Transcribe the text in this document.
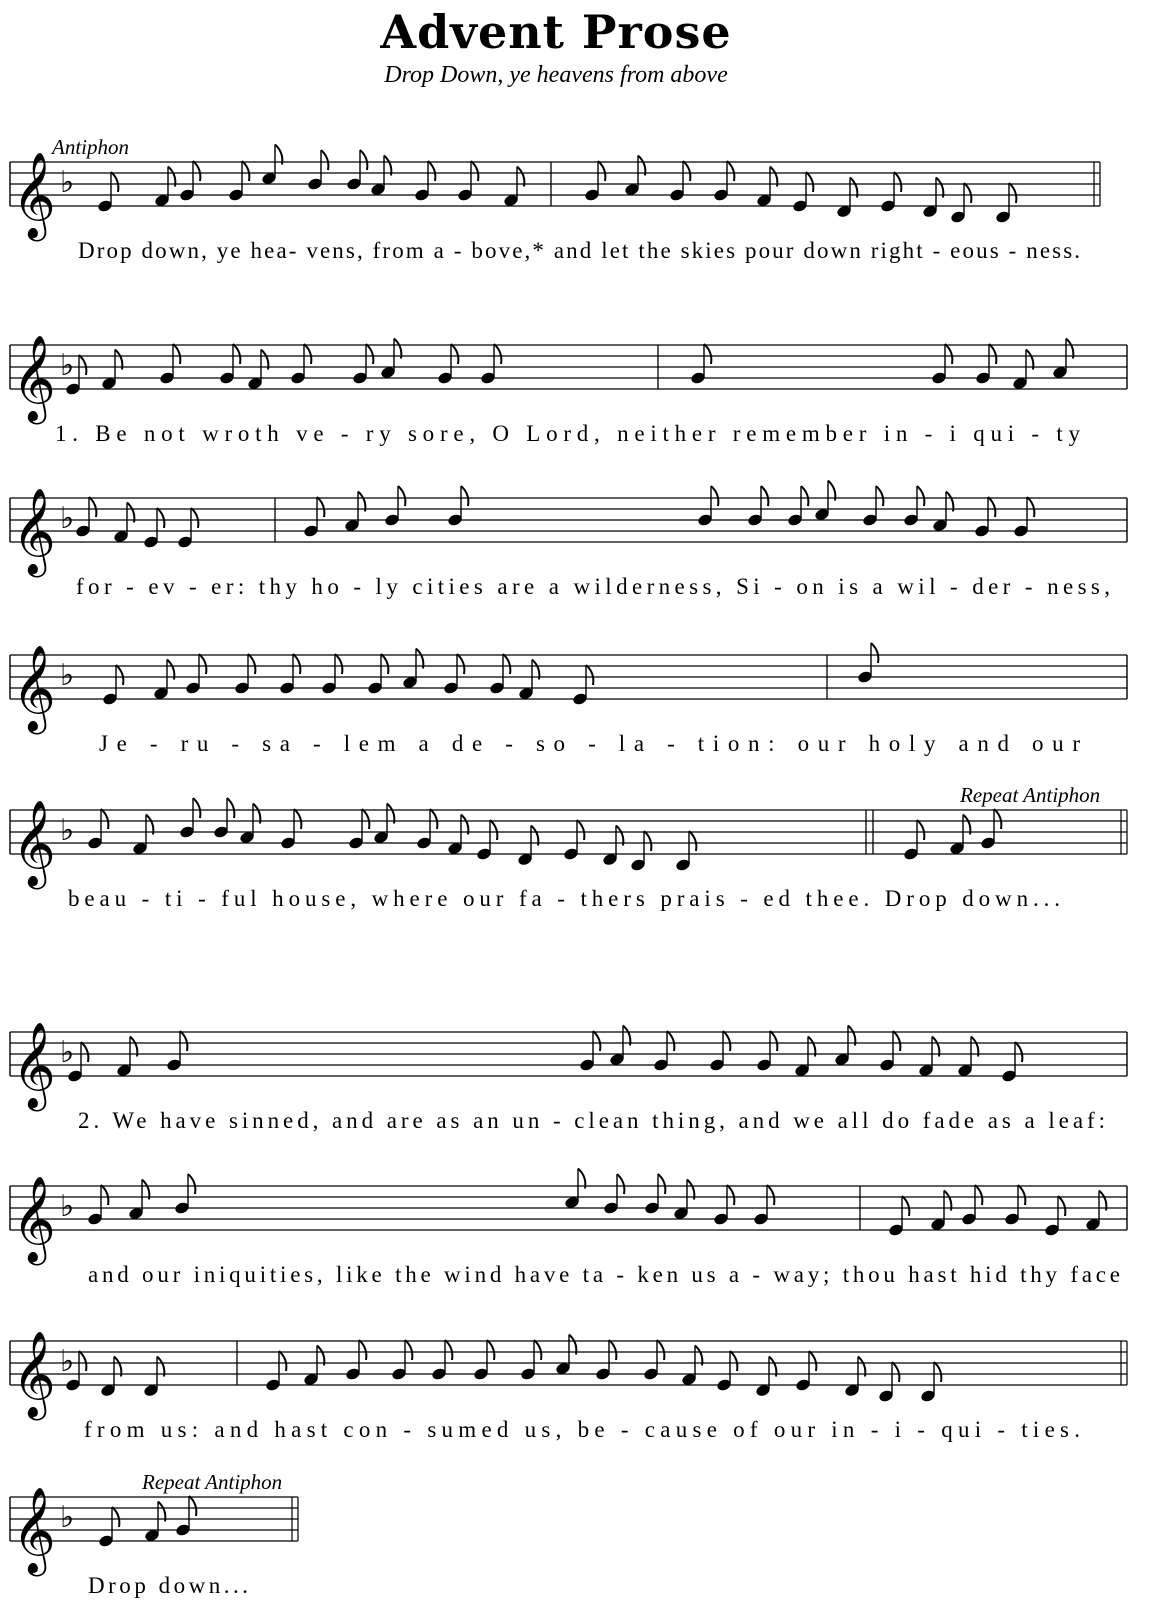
Advent Prose
Drop Down, ye heavens from above
𝄞 ♭
Antiphon
Drop down, ye hea- vens, from a - bove,* and let the skies pour down right - eous - ness.
𝄞 ♭
1. Be not wroth ve - ry sore, O Lord, neither remember in - i qui - ty
𝄞 ♭
for - ev - er: thy ho - ly cities are a wilderness, Si - on is a wil - der - ness,
𝄞 ♭
Je - ru - sa - lem a de - so - la - tion: our holy and our
𝄞 ♭
Repeat Antiphon
beau - ti - ful house, where our fa - thers prais - ed thee. Drop down...
𝄞 ♭
2. We have sinned, and are as an un - clean thing, and we all do fade as a leaf:
𝄞 ♭
and our iniquities, like the wind have ta - ken us a - way; thou hast hid thy face
𝄞 ♭
from us: and hast con - sumed us, be - cause of our in - i - qui - ties.
𝄞 ♭
Repeat Antiphon
Drop down...
